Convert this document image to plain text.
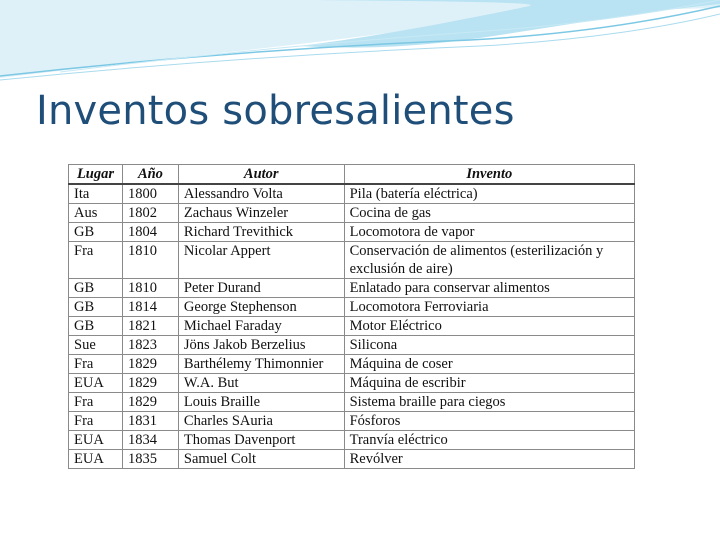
Inventos sobresalientes
Lugar	Año	Autor	Invento
Ita	1800	Alessandro Volta	Pila (batería eléctrica)
Aus	1802	Zachaus Winzeler	Cocina de gas
GB	1804	Richard Trevithick	Locomotora de vapor
Fra	1810	Nicolar Appert	Conservación de alimentos (esterilización y exclusión de aire)
GB	1810	Peter Durand	Enlatado para conservar alimentos
GB	1814	George Stephenson	Locomotora Ferroviaria
GB	1821	Michael Faraday	Motor Eléctrico
Sue	1823	Jöns Jakob Berzelius	Silicona
Fra	1829	Barthélemy Thimonnier	Máquina de coser
EUA	1829	W.A. But	Máquina de escribir
Fra	1829	Louis Braille	Sistema braille para ciegos
Fra	1831	Charles SAuria	Fósforos
EUA	1834	Thomas Davenport	Tranvía eléctrico
EUA	1835	Samuel Colt	Revólver
